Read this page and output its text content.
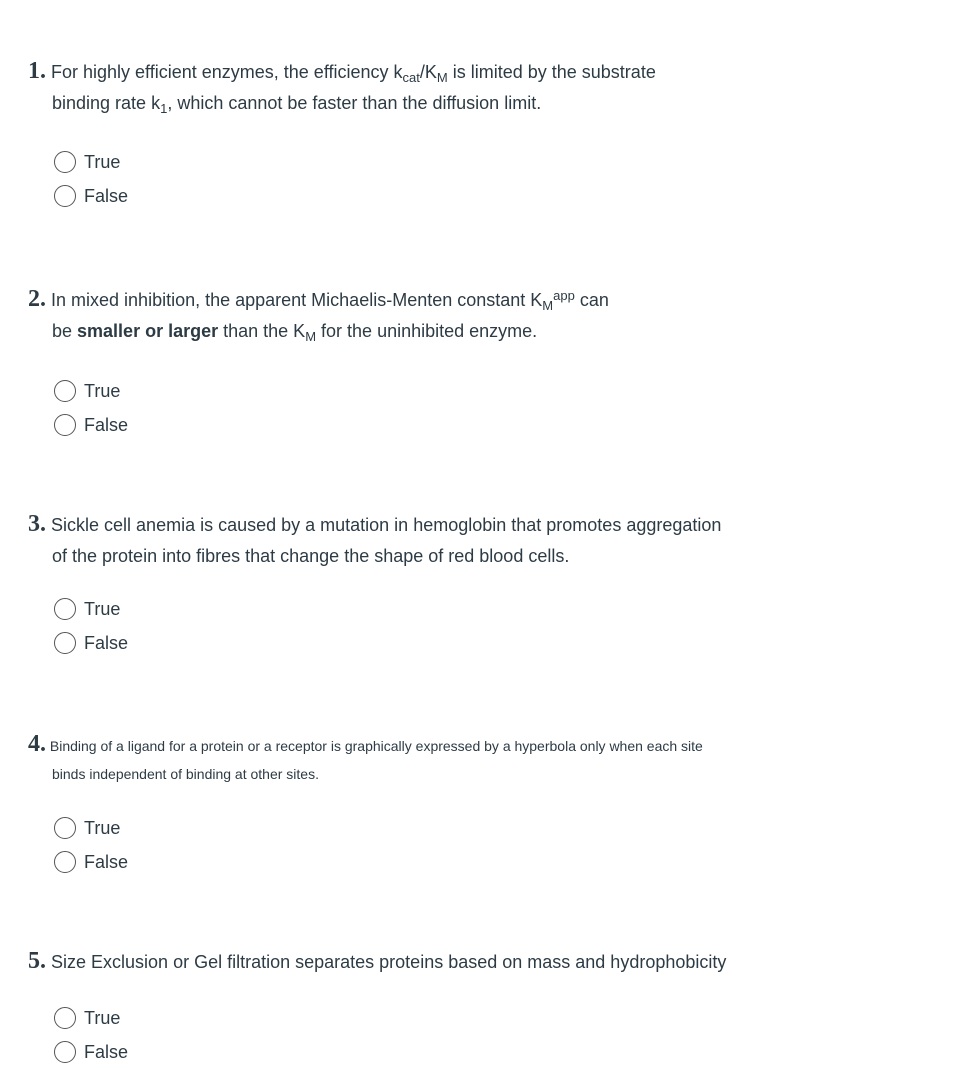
1. For highly efficient enzymes, the efficiency $k_{cat}/K_M$ is limited by the substrate
binding rate $k_1$, which cannot be faster than the diffusion limit.
True
False
2. In mixed inhibition, the apparent Michaelis-Menten constant $K_M^{app}$ can
be smaller or larger than the $K_M$ for the uninhibited enzyme.
True
False
3. Sickle cell anemia is caused by a mutation in hemoglobin that promotes aggregation
of the protein into fibres that change the shape of red blood cells.
True
False
4. Binding of a ligand for a protein or a receptor is graphically expressed by a hyperbola only when each site
binds independent of binding at other sites.
True
False
5. Size Exclusion or Gel filtration separates proteins based on mass and hydrophobicity
True
False
